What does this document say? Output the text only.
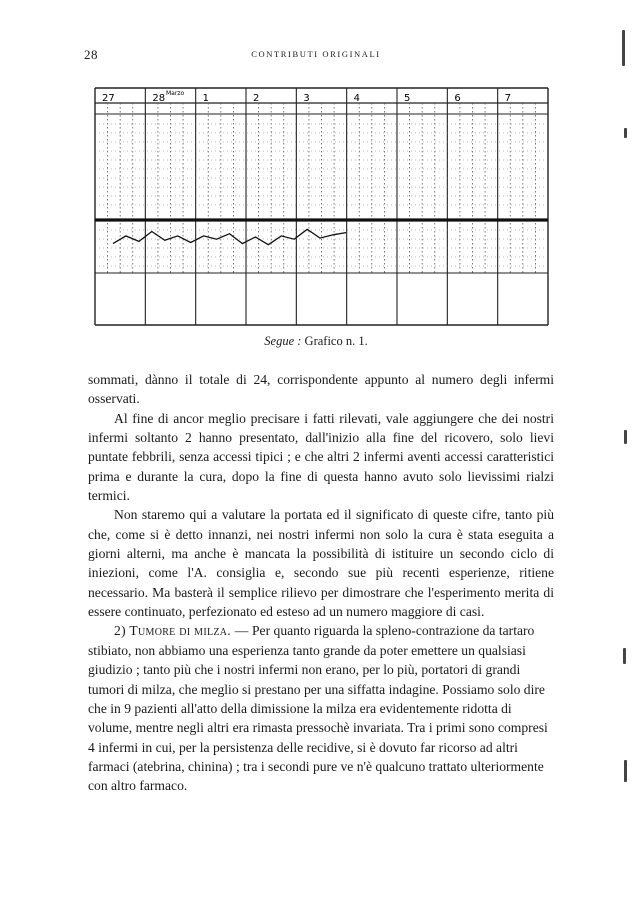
28	CONTRIBUTI ORIGINALI
27	28	1	2	3	4	5	6	7
Marzo
Segue : Grafico n. 1.

sommati, dànno il totale di 24, corrispondente appunto al numero degli infermi osservati.

Al fine di ancor meglio precisare i fatti rilevati, vale aggiungere che dei nostri infermi soltanto 2 hanno presentato, dall'inizio alla fine del ricovero, solo lievi puntate febbrili, senza accessi tipici ; e che altri 2 infermi aventi accessi caratteristici prima e durante la cura, dopo la fine di questa hanno avuto solo lievissimi rialzi termici.

Non staremo qui a valutare la portata ed il significato di queste cifre, tanto più che, come si è detto innanzi, nei nostri infermi non solo la cura è stata eseguita a giorni alterni, ma anche è mancata la possibilità di istituire un secondo ciclo di iniezioni, come l'A. consiglia e, secondo sue più recenti esperienze, ritiene necessario. Ma basterà il semplice rilievo per dimostrare che l'esperimento merita di essere continuato, perfezionato ed esteso ad un numero maggiore di casi.

2) Tumore di milza. — Per quanto riguarda la spleno-contrazione da tartaro stibiato, non abbiamo una esperienza tanto grande da poter emettere un qualsiasi giudizio ; tanto più che i nostri infermi non erano, per lo più, portatori di grandi tumori di milza, che meglio si prestano per una siffatta indagine. Possiamo solo dire che in 9 pazienti all'atto della dimissione la milza era evidentemente ridotta di volume, mentre negli altri era rimasta pressochè invariata. Tra i primi sono compresi 4 infermi in cui, per la persistenza delle recidive, si è dovuto far ricorso ad altri farmaci (atebrina, chinina) ; tra i secondi pure ve n'è qualcuno trattato ulteriormente con altro farmaco.
